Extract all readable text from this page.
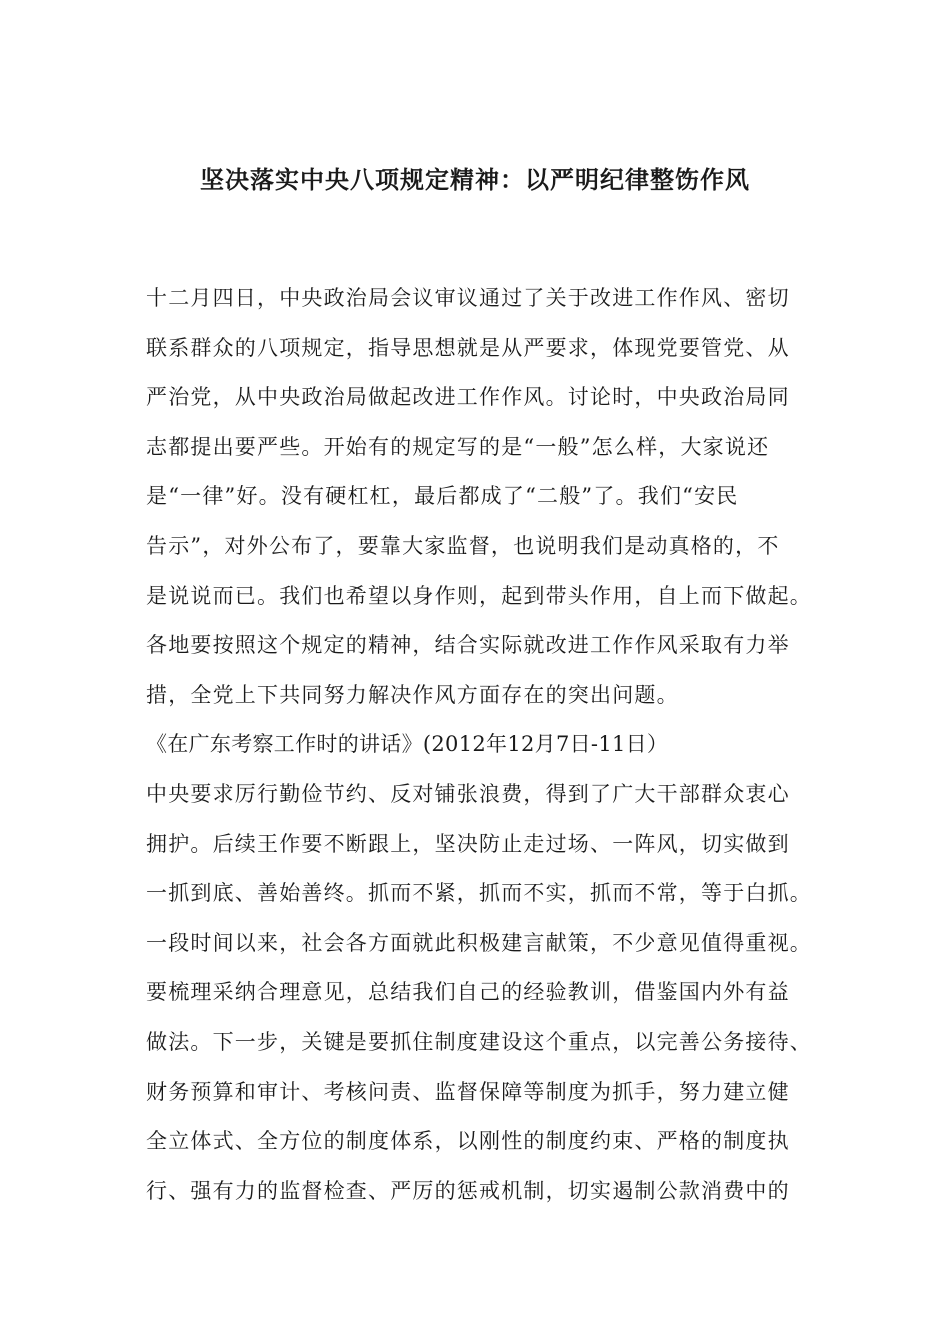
坚决落实中央八项规定精神：以严明纪律整饬作风
十二月四日，中央政治局会议审议通过了关于改进工作作风、密切
联系群众的八项规定，指导思想就是从严要求，体现党要管党、从
严治党，从中央政治局做起改进工作作风。讨论时，中央政治局同
志都提出要严些。开始有的规定写的是“一般”怎么样，大家说还
是“一律”好。没有硬杠杠，最后都成了“二般”了。我们“安民
告示”，对外公布了，要靠大家监督，也说明我们是动真格的，不
是说说而已。我们也希望以身作则，起到带头作用，自上而下做起。
各地要按照这个规定的精神，结合实际就改进工作作风采取有力举
措，全党上下共同努力解决作风方面存在的突出问题。
《在广东考察工作时的讲话》(2012年12月7日-11日）
中央要求厉行勤俭节约、反对铺张浪费，得到了广大干部群众衷心
拥护。后续王作要不断跟上，坚决防止走过场、一阵风，切实做到
一抓到底、善始善终。抓而不紧，抓而不实，抓而不常，等于白抓。
一段时间以来，社会各方面就此积极建言献策，不少意见值得重视。
要梳理采纳合理意见，总结我们自己的经验教训，借鉴国内外有益
做法。下一步，关键是要抓住制度建设这个重点，以完善公务接待、
财务预算和审计、考核问责、监督保障等制度为抓手，努力建立健
全立体式、全方位的制度体系，以刚性的制度约束、严格的制度执
行、强有力的监督检查、严厉的惩戒机制，切实遏制公款消费中的
